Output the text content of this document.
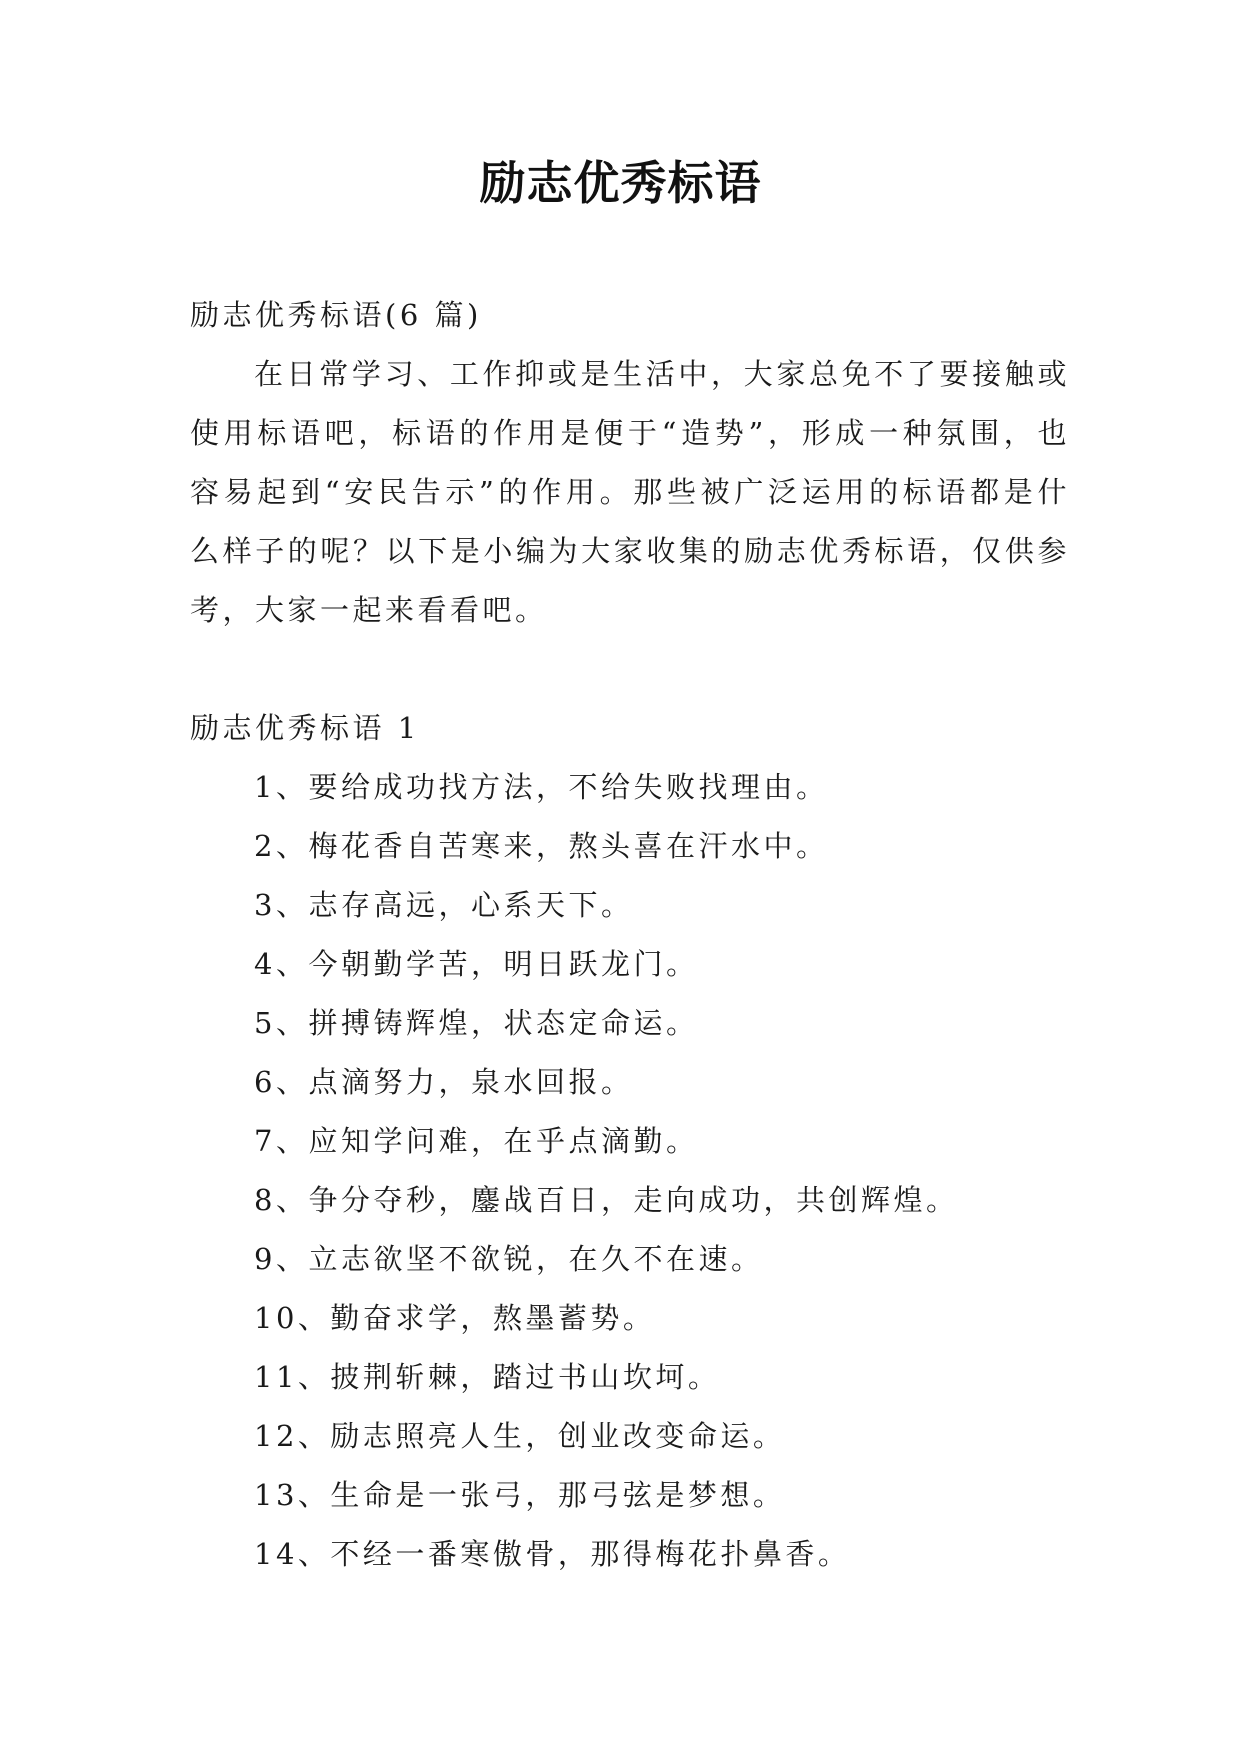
励志优秀标语

励志优秀标语(6 篇)

在日常学习、工作抑或是生活中，大家总免不了要接触或使用标语吧，标语的作用是便于“造势”，形成一种氛围，也容易起到“安民告示”的作用。那些被广泛运用的标语都是什么样子的呢？以下是小编为大家收集的励志优秀标语，仅供参考，大家一起来看看吧。

励志优秀标语 1

1、要给成功找方法，不给失败找理由。
2、梅花香自苦寒来，熬头喜在汗水中。
3、志存高远，心系天下。
4、今朝勤学苦，明日跃龙门。
5、拼搏铸辉煌，状态定命运。
6、点滴努力，泉水回报。
7、应知学问难，在乎点滴勤。
8、争分夺秒，鏖战百日，走向成功，共创辉煌。
9、立志欲坚不欲锐，在久不在速。
10、勤奋求学，熬墨蓄势。
11、披荆斩棘，踏过书山坎坷。
12、励志照亮人生，创业改变命运。
13、生命是一张弓，那弓弦是梦想。
14、不经一番寒傲骨，那得梅花扑鼻香。
